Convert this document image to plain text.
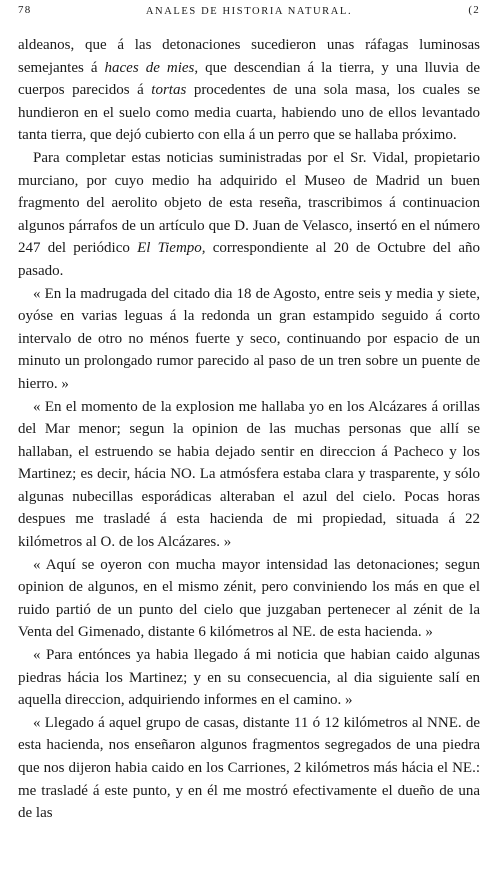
78	ANALES DE HISTORIA NATURAL.	(2

aldeanos, que á las detonaciones sucedieron unas ráfagas luminosas semejantes á haces de mies, que descendian á la tierra, y una lluvia de cuerpos parecidos á tortas procedentes de una sola masa, los cuales se hundieron en el suelo como media cuarta, habiendo uno de ellos levantado tanta tierra, que dejó cubierto con ella á un perro que se hallaba próximo.

Para completar estas noticias suministradas por el Sr. Vidal, propietario murciano, por cuyo medio ha adquirido el Museo de Madrid un buen fragmento del aerolito objeto de esta reseña, trascribimos á continuacion algunos párrafos de un artículo que D. Juan de Velasco, insertó en el número 247 del periódico El Tiempo, correspondiente al 20 de Octubre del año pasado.

« En la madrugada del citado dia 18 de Agosto, entre seis y media y siete, oyóse en varias leguas á la redonda un gran estampido seguido á corto intervalo de otro no ménos fuerte y seco, continuando por espacio de un minuto un prolongado rumor parecido al paso de un tren sobre un puente de hierro. »

« En el momento de la explosion me hallaba yo en los Alcázares á orillas del Mar menor; segun la opinion de las muchas personas que allí se hallaban, el estruendo se habia dejado sentir en direccion á Pacheco y los Martinez; es decir, hácia NO. La atmósfera estaba clara y trasparente, y sólo algunas nubecillas esporádicas alteraban el azul del cielo. Pocas horas despues me trasladé á esta hacienda de mi propiedad, situada á 22 kilómetros al O. de los Alcázares. »

« Aquí se oyeron con mucha mayor intensidad las detonaciones; segun opinion de algunos, en el mismo zénit, pero conviniendo los más en que el ruido partió de un punto del cielo que juzgaban pertenecer al zénit de la Venta del Gimenado, distante 6 kilómetros al NE. de esta hacienda. »

« Para entónces ya habia llegado á mi noticia que habian caido algunas piedras hácia los Martinez; y en su consecuencia, al dia siguiente salí en aquella direccion, adquiriendo informes en el camino. »

« Llegado á aquel grupo de casas, distante 11 ó 12 kilómetros al NNE. de esta hacienda, nos enseñaron algunos fragmentos segregados de una piedra que nos dijeron habia caido en los Carriones, 2 kilómetros más hácia el NE.: me trasladé á este punto, y en él me mostró efectivamente el dueño de una de las
